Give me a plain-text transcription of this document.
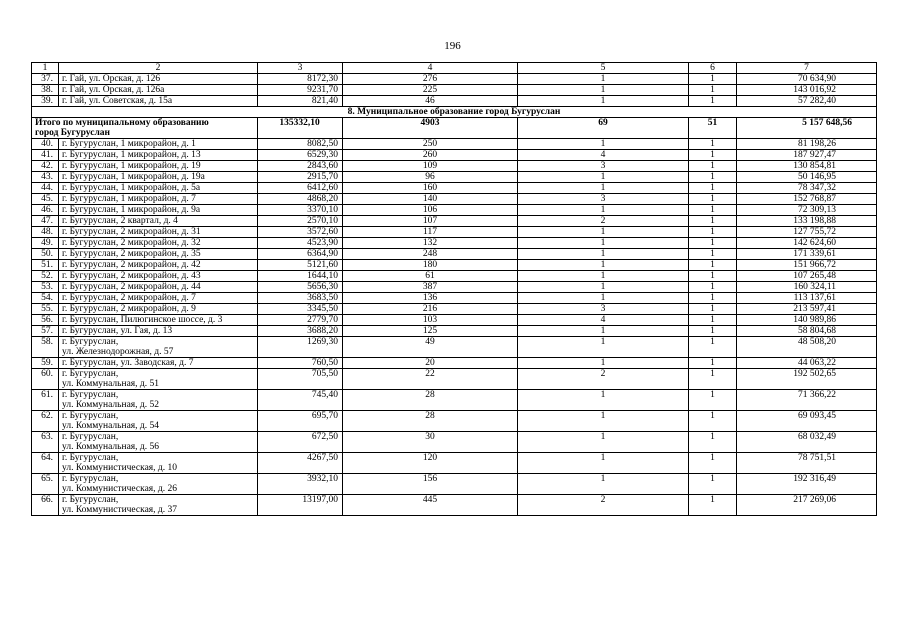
196
1	2	3	4	5	6	7
37.	г. Гай, ул. Орская, д. 126	8172,30	276	1	1	70 634,90
38.	г. Гай, ул. Орская, д. 126а	9231,70	225	1	1	143 016,92
39.	г. Гай, ул. Советская, д. 15а	821,40	46	1	1	57 282,40
8. Муниципальное образование город Бугуруслан						

Итого по муниципальному образованию
город Бугуруслан		135332,10	4903	69	51	5 157 648,56
40.	г. Бугуруслан, 1 микрорайон, д. 1	8082,50	250	1	1	81 198,26
41.	г. Бугуруслан, 1 микрорайон, д. 13	6529,30	260	4	1	187 927,47
42.	г. Бугуруслан, 1 микрорайон, д. 19	2843,60	109	3	1	130 854,81
43.	г. Бугуруслан, 1 микрорайон, д. 19а	2915,70	96	1	1	50 146,95
44.	г. Бугуруслан, 1 микрорайон, д. 5а	6412,60	160	1	1	78 347,32
45.	г. Бугуруслан, 1 микрорайон, д. 7	4868,20	140	3	1	152 768,87
46.	г. Бугуруслан, 1 микрорайон, д. 9а	3370,10	106	1	1	72 309,13
47.	г. Бугуруслан, 2 квартал, д. 4	2570,10	107	2	1	133 198,88
48.	г. Бугуруслан, 2 микрорайон, д. 31	3572,60	117	1	1	127 755,72
49.	г. Бугуруслан, 2 микрорайон, д. 32	4523,90	132	1	1	142 624,60
50.	г. Бугуруслан, 2 микрорайон, д. 35	6364,90	248	1	1	171 339,61
51.	г. Бугуруслан, 2 микрорайон, д. 42	5121,60	180	1	1	151 966,72
52.	г. Бугуруслан, 2 микрорайон, д. 43	1644,10	61	1	1	107 265,48
53.	г. Бугуруслан, 2 микрорайон, д. 44	5656,30	387	1	1	160 324,11
54.	г. Бугуруслан, 2 микрорайон, д. 7	3683,50	136	1	1	113 137,61
55.	г. Бугуруслан, 2 микрорайон, д. 9	3345,50	216	3	1	213 597,41
56.	г. Бугуруслан, Пилюгинское шоссе, д. 3	2779,70	103	4	1	140 989,86
57.	г. Бугуруслан, ул. Гая, д. 13	3688,20	125	1	1	58 804,68
58.	г. Бугуруслан,
ул. Железнодорожная, д. 57	1269,30	49	1	1	48 508,20
59.	г. Бугуруслан, ул. Заводская, д. 7	760,50	20	1	1	44 063,22
60.	г. Бугуруслан,
ул. Коммунальная, д. 51	705,50	22	2	1	192 502,65
61.	г. Бугуруслан,
ул. Коммунальная, д. 52	745,40	28	1	1	71 366,22
62.	г. Бугуруслан,
ул. Коммунальная, д. 54	695,70	28	1	1	69 093,45
63.	г. Бугуруслан,
ул. Коммунальная, д. 56	672,50	30	1	1	68 032,49
64.	г. Бугуруслан,
ул. Коммунистическая, д. 10	4267,50	120	1	1	78 751,51
65.	г. Бугуруслан,
ул. Коммунистическая, д. 26	3932,10	156	1	1	192 316,49
66.	г. Бугуруслан,
ул. Коммунистическая, д. 37	13197,00	445	2	1	217 269,06
